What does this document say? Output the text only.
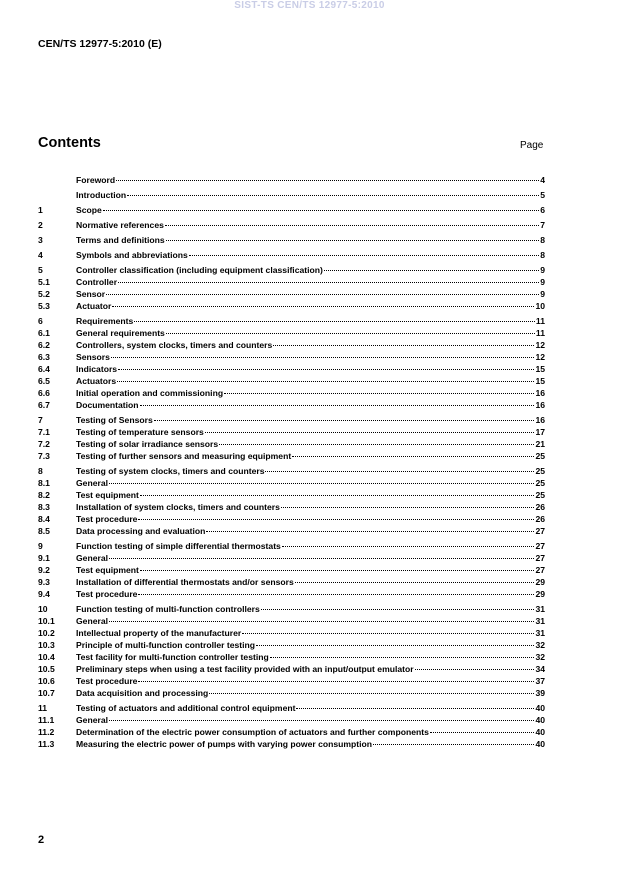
SIST-TS CEN/TS 12977-5:2010
CEN/TS 12977-5:2010 (E)
Contents	Page
Foreword	4
Introduction	5
1	Scope	6
2	Normative references	7
3	Terms and definitions	8
4	Symbols and abbreviations	8
5	Controller classification (including equipment classification)	9
5.1	Controller	9
5.2	Sensor	9
5.3	Actuator	10
6	Requirements	11
6.1	General requirements	11
6.2	Controllers, system clocks, timers and counters	12
6.3	Sensors	12
6.4	Indicators	15
6.5	Actuators	15
6.6	Initial operation and commissioning	16
6.7	Documentation	16
7	Testing of Sensors	16
7.1	Testing of temperature sensors	17
7.2	Testing of solar irradiance sensors	21
7.3	Testing of further sensors and measuring equipment	25
8	Testing of system clocks, timers and counters	25
8.1	General	25
8.2	Test equipment	25
8.3	Installation of system clocks, timers and counters	26
8.4	Test procedure	26
8.5	Data processing and evaluation	27
9	Function testing of simple differential thermostats	27
9.1	General	27
9.2	Test equipment	27
9.3	Installation of differential thermostats and/or sensors	29
9.4	Test procedure	29
10	Function testing of multi-function controllers	31
10.1	General	31
10.2	Intellectual property of the manufacturer	31
10.3	Principle of multi-function controller testing	32
10.4	Test facility for multi-function controller testing	32
10.5	Preliminary steps when using a test facility provided with an input/output emulator	34
10.6	Test procedure	37
10.7	Data acquisition and processing	39
11	Testing of actuators and additional control equipment	40
11.1	General	40
11.2	Determination of the electric power consumption of actuators and further components	40
11.3	Measuring the electric power of pumps with varying power consumption	40
2
